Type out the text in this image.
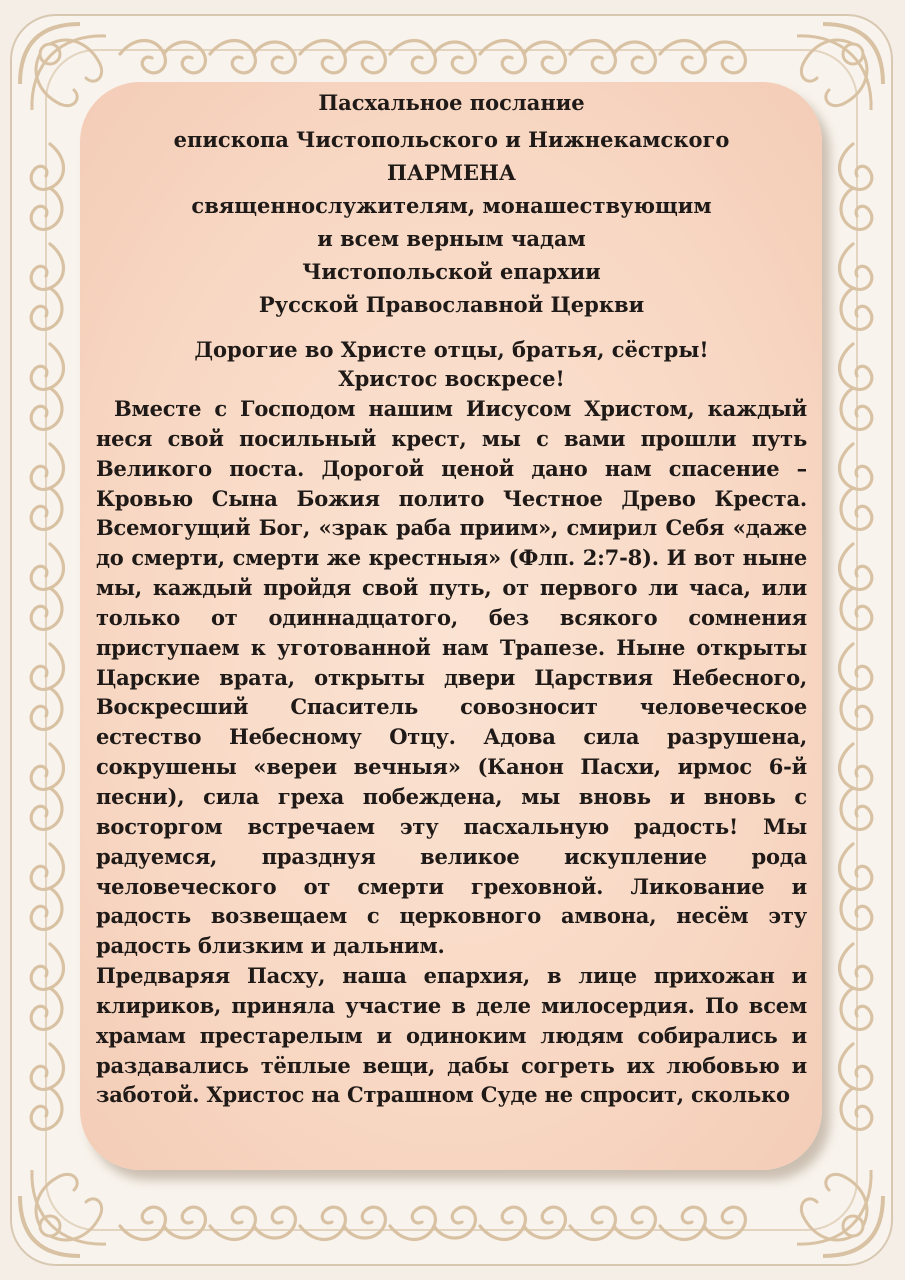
Пасхальное послание

епископа Чистопольского и Нижнекамского

ПАРМЕНА

священнослужителям, монашествующим

и всем верным чадам

Чистопольской епархии

Русской Православной Церкви

Дорогие во Христе отцы, братья, сёстры!

Христос воскресе!

Вместе с Господом нашим Иисусом Христом, каждый неся свой посильный крест, мы с вами прошли путь Великого поста. Дорогой ценой дано нам спасение – Кровью Сына Божия полито Честное Древо Креста. Всемогущий Бог, «зрак раба приим», смирил Себя «даже до смерти, смерти же крестныя» (Флп. 2:7-8). И вот ныне мы, каждый пройдя свой путь, от первого ли часа, или только от одиннадцатого, без всякого сомнения приступаем к уготованной нам Трапезе. Ныне открыты Царские врата, открыты двери Царствия Небесного, Воскресший Спаситель совозносит человеческое естество Небесному Отцу. Адова сила разрушена, сокрушены «вереи вечныя» (Канон Пасхи, ирмос 6-й песни), сила греха побеждена, мы вновь и вновь с восторгом встречаем эту пасхальную радость! Мы радуемся, празднуя великое искупление рода человеческого от смерти греховной. Ликование и радость возвещаем с церковного амвона, несём эту радость близким и дальним.

Предваряя Пасху, наша епархия, в лице прихожан и клириков, приняла участие в деле милосердия. По всем храмам престарелым и одиноким людям собирались и раздавались тёплые вещи, дабы согреть их любовью и заботой. Христос на Страшном Суде не спросит, сколько
